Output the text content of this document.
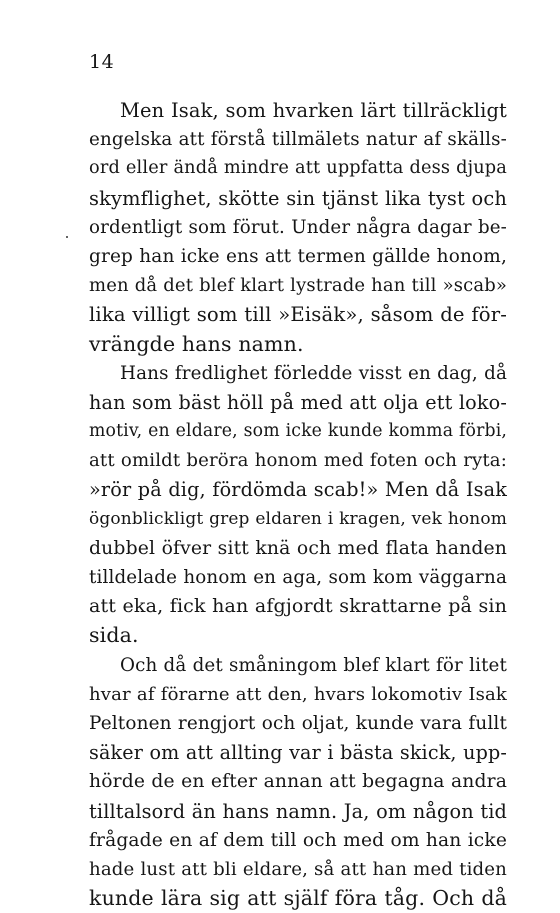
14
Men Isak, som hvarken lärt tillräckligt
engelska att förstå tillmälets natur af skälls-
ord eller ändå mindre att uppfatta dess djupa
skymflighet, skötte sin tjänst lika tyst och
ordentligt som förut. Under några dagar be-
grep han icke ens att termen gällde honom,
men då det blef klart lystrade han till »scab»
lika villigt som till »Eisäk», såsom de för-
vrängde hans namn.
Hans fredlighet förledde visst en dag, då
han som bäst höll på med att olja ett loko-
motiv, en eldare, som icke kunde komma förbi,
att omildt beröra honom med foten och ryta:
»rör på dig, fördömda scab!» Men då Isak
ögonblickligt grep eldaren i kragen, vek honom
dubbel öfver sitt knä och med flata handen
tilldelade honom en aga, som kom väggarna
att eka, fick han afgjordt skrattarne på sin
sida.
Och då det småningom blef klart för litet
hvar af förarne att den, hvars lokomotiv Isak
Peltonen rengjort och oljat, kunde vara fullt
säker om att allting var i bästa skick, upp-
hörde de en efter annan att begagna andra
tilltalsord än hans namn. Ja, om någon tid
frågade en af dem till och med om han icke
hade lust att bli eldare, så att han med tiden
kunde lära sig att själf föra tåg. Och då
